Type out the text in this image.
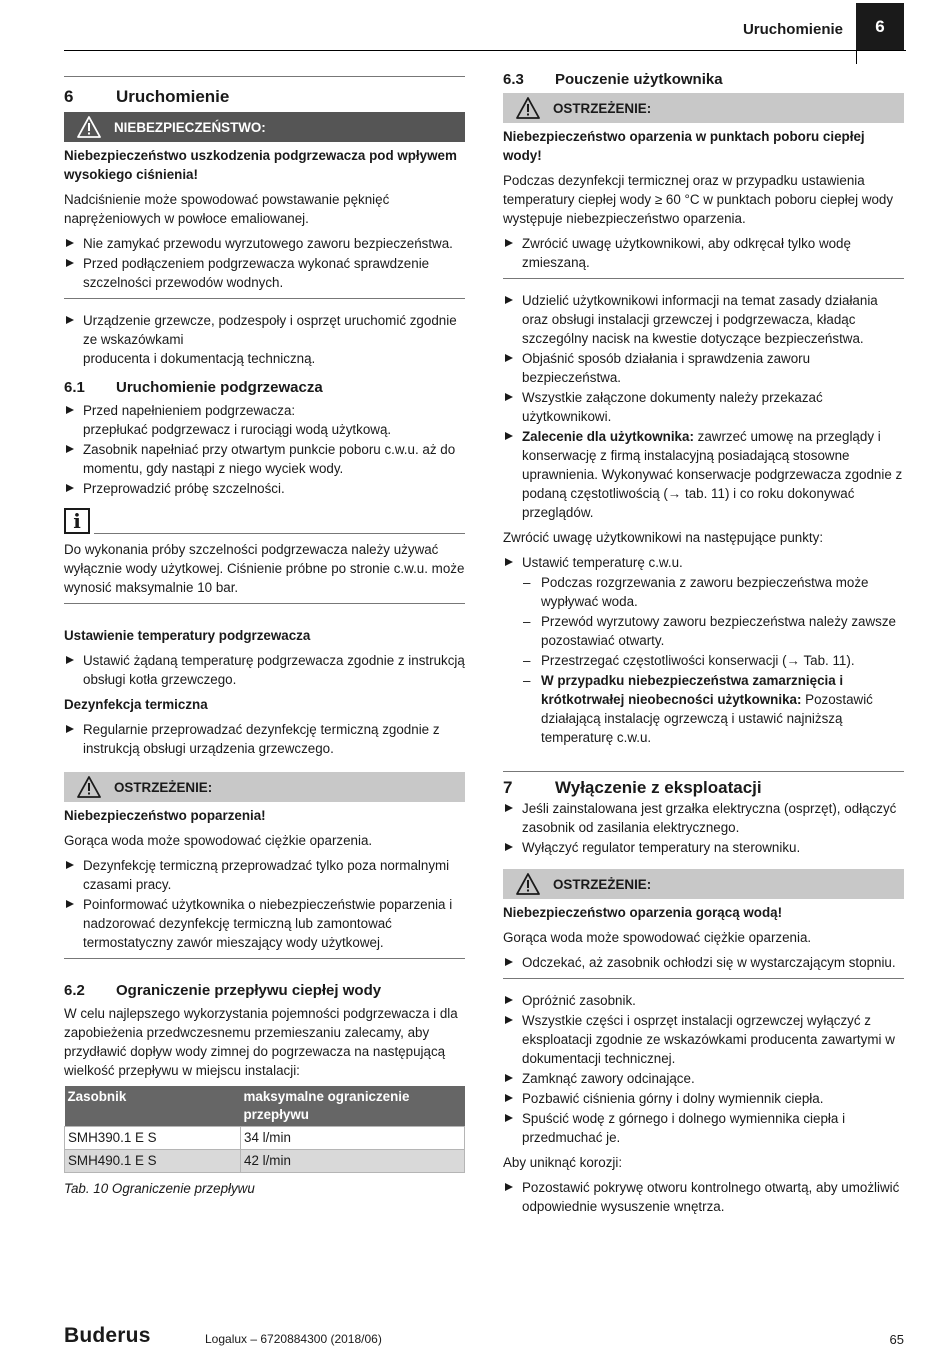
Uruchomienie	6
6	Uruchomienie
NIEBEZPIECZEŃSTWO:

Niebezpieczeństwo uszkodzenia podgrzewacza pod wpływem wysokiego ciśnienia!

Nadciśnienie może spowodować powstawanie pęknięć naprężeniowych w powłoce emaliowanej.

Nie zamykać przewodu wyrzutowego zaworu bezpieczeństwa.
Przed podłączeniem podgrzewacza wykonać sprawdzenie szczelności przewodów wodnych.
Urządzenie grzewcze, podzespoły i osprzęt uruchomić zgodnie ze wskazówkami
producenta i dokumentacją techniczną.
6.1	Uruchomienie podgrzewacza
Przed napełnieniem podgrzewacza:
przepłukać podgrzewacz i rurociągi wodą użytkową.
Zasobnik napełniać przy otwartym punkcie poboru c.w.u. aż do momentu, gdy nastąpi z niego wyciek wody.
Przeprowadzić próbę szczelności.
i

Do wykonania próby szczelności podgrzewacza należy używać wyłącznie wody użytkowej. Ciśnienie próbne po stronie c.w.u. może wynosić maksymalnie 10 bar.

Ustawienie temperatury podgrzewacza
Ustawić żądaną temperaturę podgrzewacza zgodnie z instrukcją obsługi kotła grzewczego.
Dezynfekcja termiczna
Regularnie przeprowadzać dezynfekcję termiczną zgodnie z instrukcją obsługi urządzenia grzewczego.
OSTRZEŻENIE:

Niebezpieczeństwo poparzenia!

Gorąca woda może spowodować ciężkie oparzenia.

Dezynfekcję termiczną przeprowadzać tylko poza normalnymi czasami pracy.
Poinformować użytkownika o niebezpieczeństwie poparzenia i nadzorować dezynfekcję termiczną lub zamontować termostatyczny zawór mieszający wody użytkowej.
6.2	Ograniczenie przepływu ciepłej wody

W celu najlepszego wykorzystania pojemności podgrzewacza i dla zapobieżenia przedwczesnemu przemieszaniu zalecamy, aby przydławić dopływ wody zimnej do pogrzewacza na następującą wielkość przepływu w miejscu instalacji:

Zasobnik	maksymalne ograniczenie przepływu
SMH390.1 E S	34 l/min
SMH490.1 E S	42 l/min
Tab. 10 Ograniczenie przepływu
6.3	Pouczenie użytkownika
OSTRZEŻENIE:

Niebezpieczeństwo oparzenia w punktach poboru ciepłej wody!

Podczas dezynfekcji termicznej oraz w przypadku ustawienia temperatury ciepłej wody ≥ 60 °C w punktach poboru ciepłej wody występuje niebezpieczeństwo oparzenia.

Zwrócić uwagę użytkownikowi, aby odkręcał tylko wodę zmieszaną.
Udzielić użytkownikowi informacji na temat zasady działania oraz obsługi instalacji grzewczej i podgrzewacza, kładąc szczególny nacisk na kwestie dotyczące bezpieczeństwa.
Objaśnić sposób działania i sprawdzenia zaworu bezpieczeństwa.
Wszystkie załączone dokumenty należy przekazać użytkownikowi.
Zalecenie dla użytkownika: zawrzeć umowę na przeglądy i konserwację z firmą instalacyjną posiadającą stosowne uprawnienia. Wykonywać konserwacje podgrzewacza zgodnie z podaną częstotliwością (→ tab. 11) i co roku dokonywać przeglądów.

Zwrócić uwagę użytkownikowi na następujące punkty:

Ustawić temperaturę c.w.u.
– Podczas rozgrzewania z zaworu bezpieczeństwa może wypływać woda.
– Przewód wyrzutowy zaworu bezpieczeństwa należy zawsze pozostawiać otwarty.
– Przestrzegać częstotliwości konserwacji (→ Tab. 11).
– W przypadku niebezpieczeństwa zamarznięcia i krótkotrwałej nieobecności użytkownika: Pozostawić działającą instalację ogrzewczą i ustawić najniższą temperaturę c.w.u.
7	Wyłączenie z eksploatacji
Jeśli zainstalowana jest grzałka elektryczna (osprzęt), odłączyć zasobnik od zasilania elektrycznego.
Wyłączyć regulator temperatury na sterowniku.
OSTRZEŻENIE:

Niebezpieczeństwo oparzenia gorącą wodą!

Gorąca woda może spowodować ciężkie oparzenia.

Odczekać, aż zasobnik ochłodzi się w wystarczającym stopniu.
Opróżnić zasobnik.
Wszystkie części i osprzęt instalacji ogrzewczej wyłączyć z eksploatacji zgodnie ze wskazówkami producenta zawartymi w dokumentacji technicznej.
Zamknąć zawory odcinające.
Pozbawić ciśnienia górny i dolny wymiennik ciepła.
Spuścić wodę z górnego i dolnego wymiennika ciepła i przedmuchać je.

Aby uniknąć korozji:

Pozostawić pokrywę otworu kontrolnego otwartą, aby umożliwić odpowiednie wysuszenie wnętrza.
Buderus	Logalux – 6720884300 (2018/06)	65
